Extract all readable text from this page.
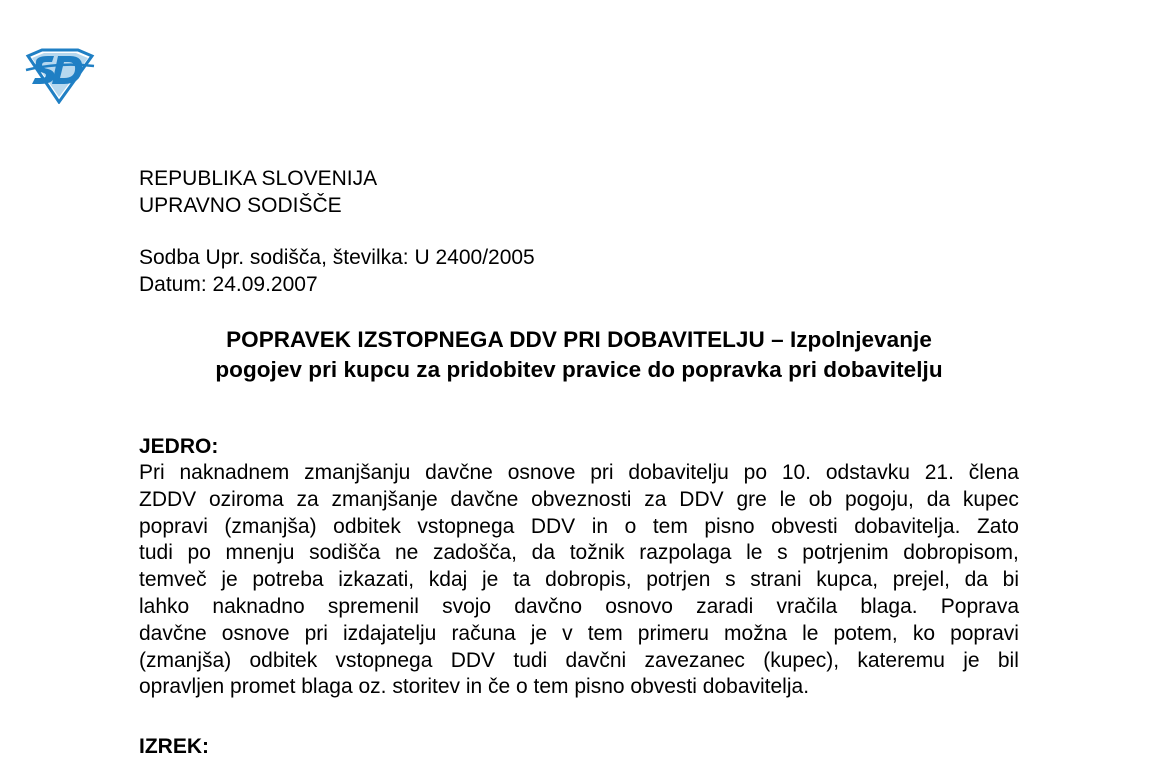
REPUBLIKA SLOVENIJA

UPRAVNO SODIŠČE

Sodba Upr. sodišča, številka: U 2400/2005

Datum: 24.09.2007

POPRAVEK IZSTOPNEGA DDV PRI DOBAVITELJU – Izpolnjevanje

pogojev pri kupcu za pridobitev pravice do popravka pri dobavitelju

JEDRO:

Pri naknadnem zmanjšanju davčne osnove pri dobavitelju po 10. odstavku 21. člena

ZDDV oziroma za zmanjšanje davčne obveznosti za DDV gre le ob pogoju, da kupec

popravi (zmanjša) odbitek vstopnega DDV in o tem pisno obvesti dobavitelja. Zato

tudi po mnenju sodišča ne zadošča, da tožnik razpolaga le s potrjenim dobropisom,

temveč je potreba izkazati, kdaj je ta dobropis, potrjen s strani kupca, prejel, da bi

lahko naknadno spremenil svojo davčno osnovo zaradi vračila blaga. Poprava

davčne osnove pri izdajatelju računa je v tem primeru možna le potem, ko popravi

(zmanjša) odbitek vstopnega DDV tudi davčni zavezanec (kupec), kateremu je bil

opravljen promet blaga oz. storitev in če o tem pisno obvesti dobavitelja.

IZREK:
